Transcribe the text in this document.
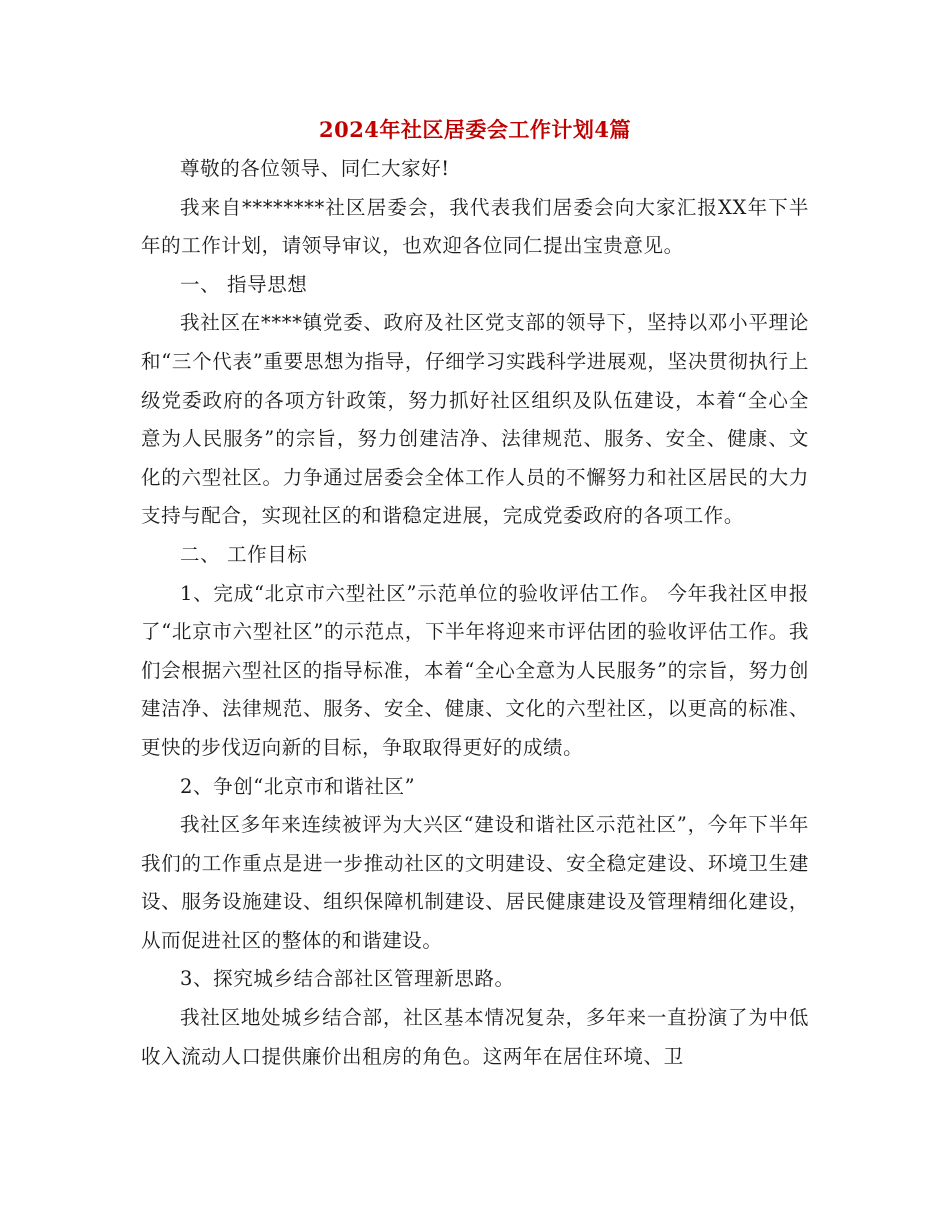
2024年社区居委会工作计划4篇

尊敬的各位领导、同仁大家好!

我来自********社区居委会，我代表我们居委会向大家汇报XX年下半年的工作计划，请领导审议，也欢迎各位同仁提出宝贵意见。

一、 指导思想

我社区在****镇党委、政府及社区党支部的领导下，坚持以邓小平理论和“三个代表”重要思想为指导，仔细学习实践科学进展观，坚决贯彻执行上级党委政府的各项方针政策，努力抓好社区组织及队伍建设，本着“全心全意为人民服务”的宗旨，努力创建洁净、法律规范、服务、安全、健康、文化的六型社区。力争通过居委会全体工作人员的不懈努力和社区居民的大力支持与配合，实现社区的和谐稳定进展，完成党委政府的各项工作。

二、 工作目标

1、完成“北京市六型社区”示范单位的验收评估工作。 今年我社区申报了“北京市六型社区”的示范点，下半年将迎来市评估团的验收评估工作。我们会根据六型社区的指导标准，本着“全心全意为人民服务”的宗旨，努力创建洁净、法律规范、服务、安全、健康、文化的六型社区，以更高的标准、更快的步伐迈向新的目标，争取取得更好的成绩。

2、争创“北京市和谐社区”

我社区多年来连续被评为大兴区“建设和谐社区示范社区”，今年下半年我们的工作重点是进一步推动社区的文明建设、安全稳定建设、环境卫生建设、服务设施建设、组织保障机制建设、居民健康建设及管理精细化建设，从而促进社区的整体的和谐建设。

3、探究城乡结合部社区管理新思路。

我社区地处城乡结合部，社区基本情况复杂，多年来一直扮演了为中低收入流动人口提供廉价出租房的角色。这两年在居住环境、卫
